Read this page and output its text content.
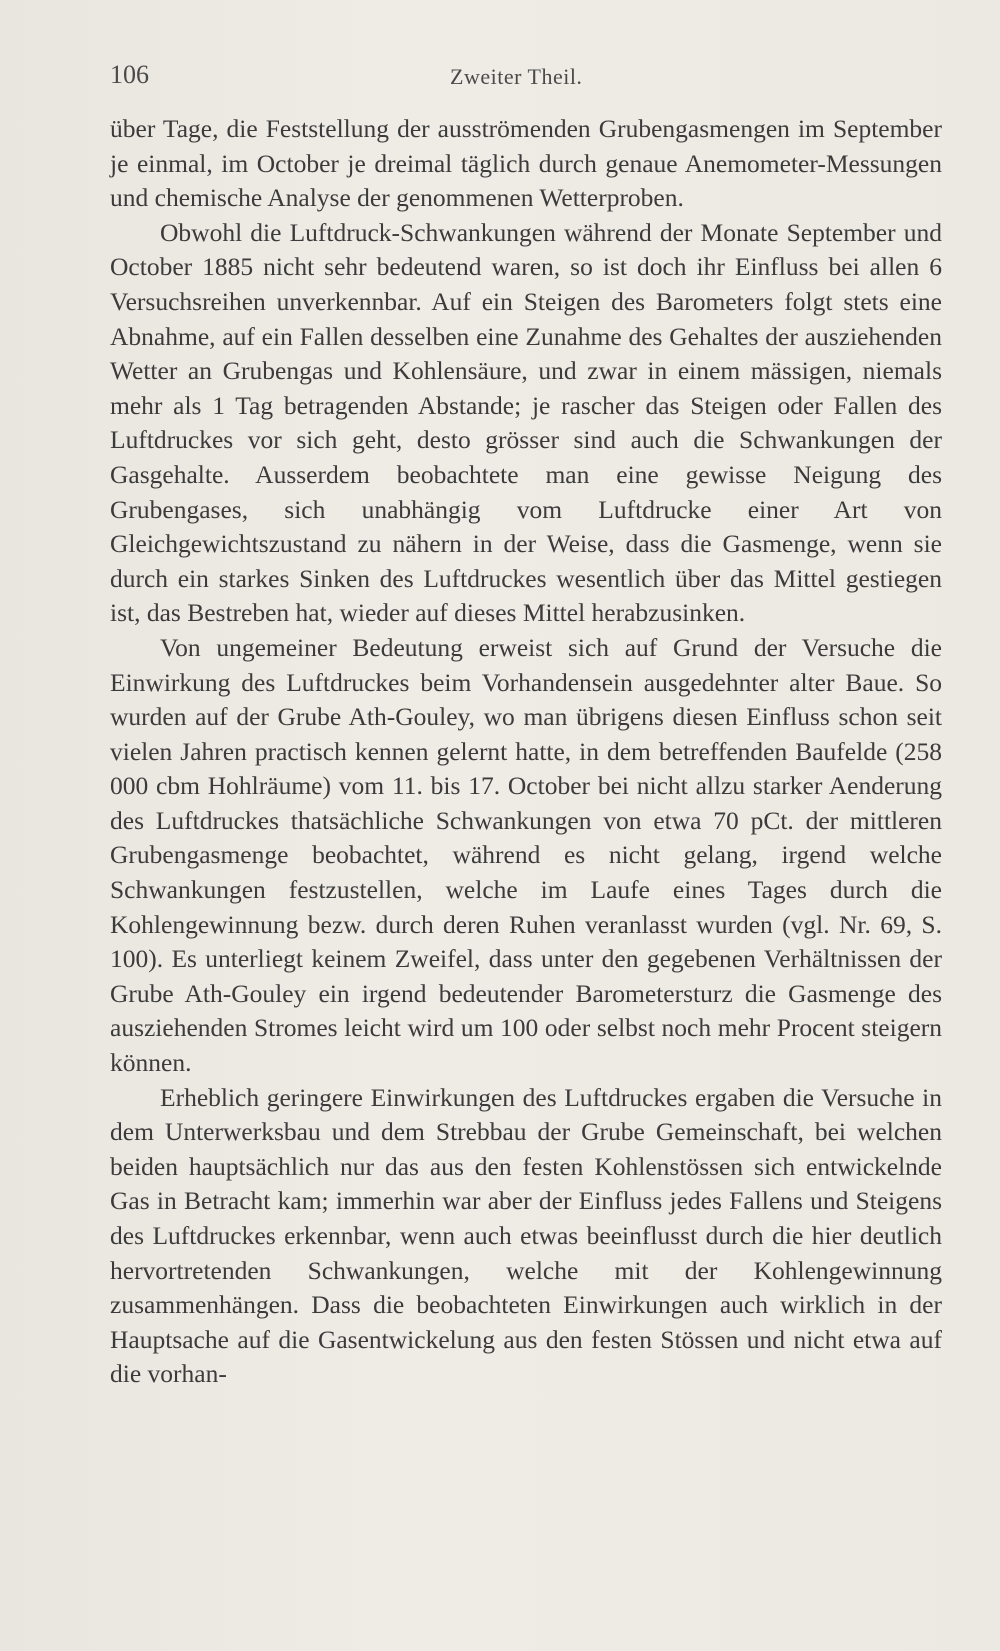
106	Zweiter Theil.

über Tage, die Feststellung der ausströmenden Grubengasmengen im September je einmal, im October je dreimal täglich durch genaue Anemometer-Messungen und chemische Analyse der genommenen Wetterproben.

Obwohl die Luftdruck-Schwankungen während der Monate September und October 1885 nicht sehr bedeutend waren, so ist doch ihr Einfluss bei allen 6 Versuchsreihen unverkennbar. Auf ein Steigen des Barometers folgt stets eine Abnahme, auf ein Fallen desselben eine Zunahme des Gehaltes der ausziehenden Wetter an Grubengas und Kohlensäure, und zwar in einem mässigen, niemals mehr als 1 Tag betragenden Abstande; je rascher das Steigen oder Fallen des Luftdruckes vor sich geht, desto grösser sind auch die Schwankungen der Gasgehalte. Ausserdem beobachtete man eine gewisse Neigung des Grubengases, sich unabhängig vom Luftdrucke einer Art von Gleichgewichtszustand zu nähern in der Weise, dass die Gasmenge, wenn sie durch ein starkes Sinken des Luftdruckes wesentlich über das Mittel gestiegen ist, das Bestreben hat, wieder auf dieses Mittel herabzusinken.

Von ungemeiner Bedeutung erweist sich auf Grund der Versuche die Einwirkung des Luftdruckes beim Vorhandensein ausgedehnter alter Baue. So wurden auf der Grube Ath-Gouley, wo man übrigens diesen Einfluss schon seit vielen Jahren practisch kennen gelernt hatte, in dem betreffenden Baufelde (258 000 cbm Hohlräume) vom 11. bis 17. October bei nicht allzu starker Aenderung des Luftdruckes thatsächliche Schwankungen von etwa 70 pCt. der mittleren Grubengasmenge beobachtet, während es nicht gelang, irgend welche Schwankungen festzustellen, welche im Laufe eines Tages durch die Kohlengewinnung bezw. durch deren Ruhen veranlasst wurden (vgl. Nr. 69, S. 100). Es unterliegt keinem Zweifel, dass unter den gegebenen Verhältnissen der Grube Ath-Gouley ein irgend bedeutender Barometersturz die Gasmenge des ausziehenden Stromes leicht wird um 100 oder selbst noch mehr Procent steigern können.

Erheblich geringere Einwirkungen des Luftdruckes ergaben die Versuche in dem Unterwerksbau und dem Strebbau der Grube Gemeinschaft, bei welchen beiden hauptsächlich nur das aus den festen Kohlenstössen sich entwickelnde Gas in Betracht kam; immerhin war aber der Einfluss jedes Fallens und Steigens des Luftdruckes erkennbar, wenn auch etwas beeinflusst durch die hier deutlich hervortretenden Schwankungen, welche mit der Kohlengewinnung zusammenhängen. Dass die beobachteten Einwirkungen auch wirklich in der Hauptsache auf die Gasentwickelung aus den festen Stössen und nicht etwa auf die vorhan-
